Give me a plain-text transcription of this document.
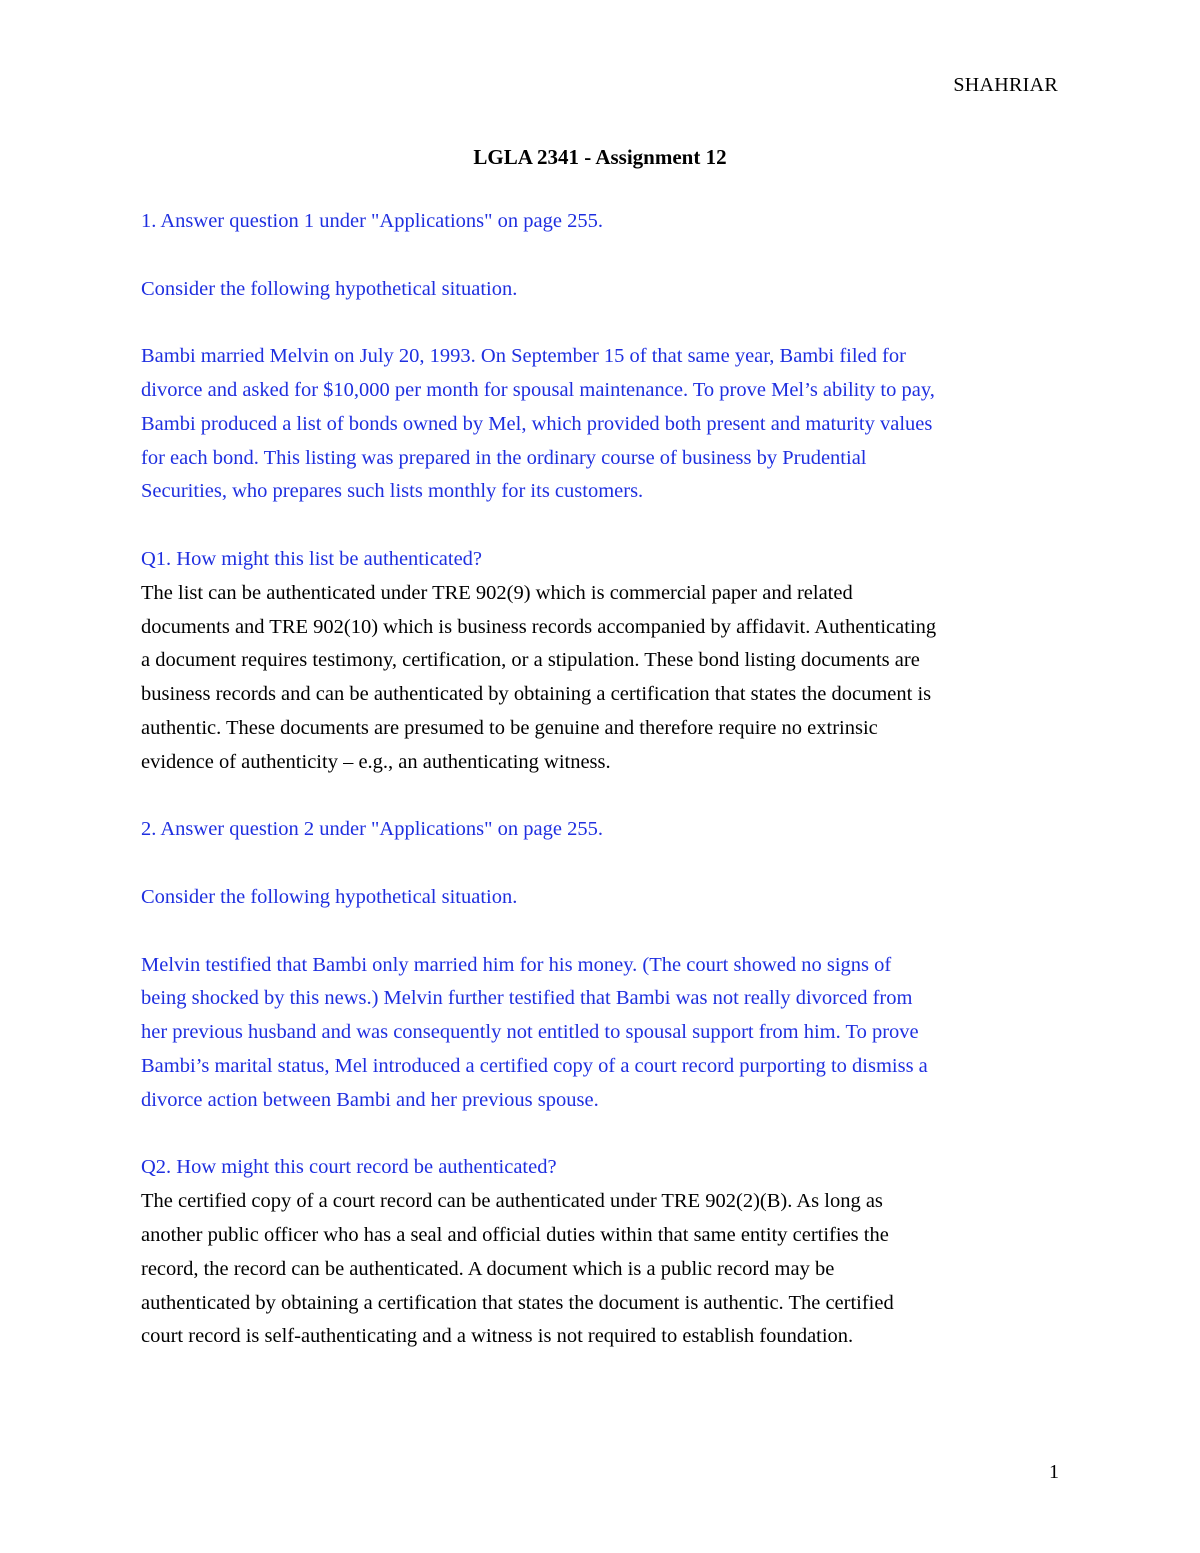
SHAHRIAR
LGLA 2341 - Assignment 12

1. Answer question 1 under "Applications" on page 255.

Consider the following hypothetical situation.

Bambi married Melvin on July 20, 1993. On September 15 of that same year, Bambi filed for

divorce and asked for $10,000 per month for spousal maintenance. To prove Mel’s ability to pay,

Bambi produced a list of bonds owned by Mel, which provided both present and maturity values

for each bond. This listing was prepared in the ordinary course of business by Prudential

Securities, who prepares such lists monthly for its customers.

Q1. How might this list be authenticated?

The list can be authenticated under TRE 902(9) which is commercial paper and related

documents and TRE 902(10) which is business records accompanied by affidavit. Authenticating

a document requires testimony, certification, or a stipulation. These bond listing documents are

business records and can be authenticated by obtaining a certification that states the document is

authentic. These documents are presumed to be genuine and therefore require no extrinsic

evidence of authenticity – e.g., an authenticating witness.

2. Answer question 2 under "Applications" on page 255.

Consider the following hypothetical situation.

Melvin testified that Bambi only married him for his money. (The court showed no signs of

being shocked by this news.) Melvin further testified that Bambi was not really divorced from

her previous husband and was consequently not entitled to spousal support from him. To prove

Bambi’s marital status, Mel introduced a certified copy of a court record purporting to dismiss a

divorce action between Bambi and her previous spouse.

Q2. How might this court record be authenticated?

The certified copy of a court record can be authenticated under TRE 902(2)(B). As long as

another public officer who has a seal and official duties within that same entity certifies the

record, the record can be authenticated. A document which is a public record may be

authenticated by obtaining a certification that states the document is authentic. The certified

court record is self-authenticating and a witness is not required to establish foundation.

1
